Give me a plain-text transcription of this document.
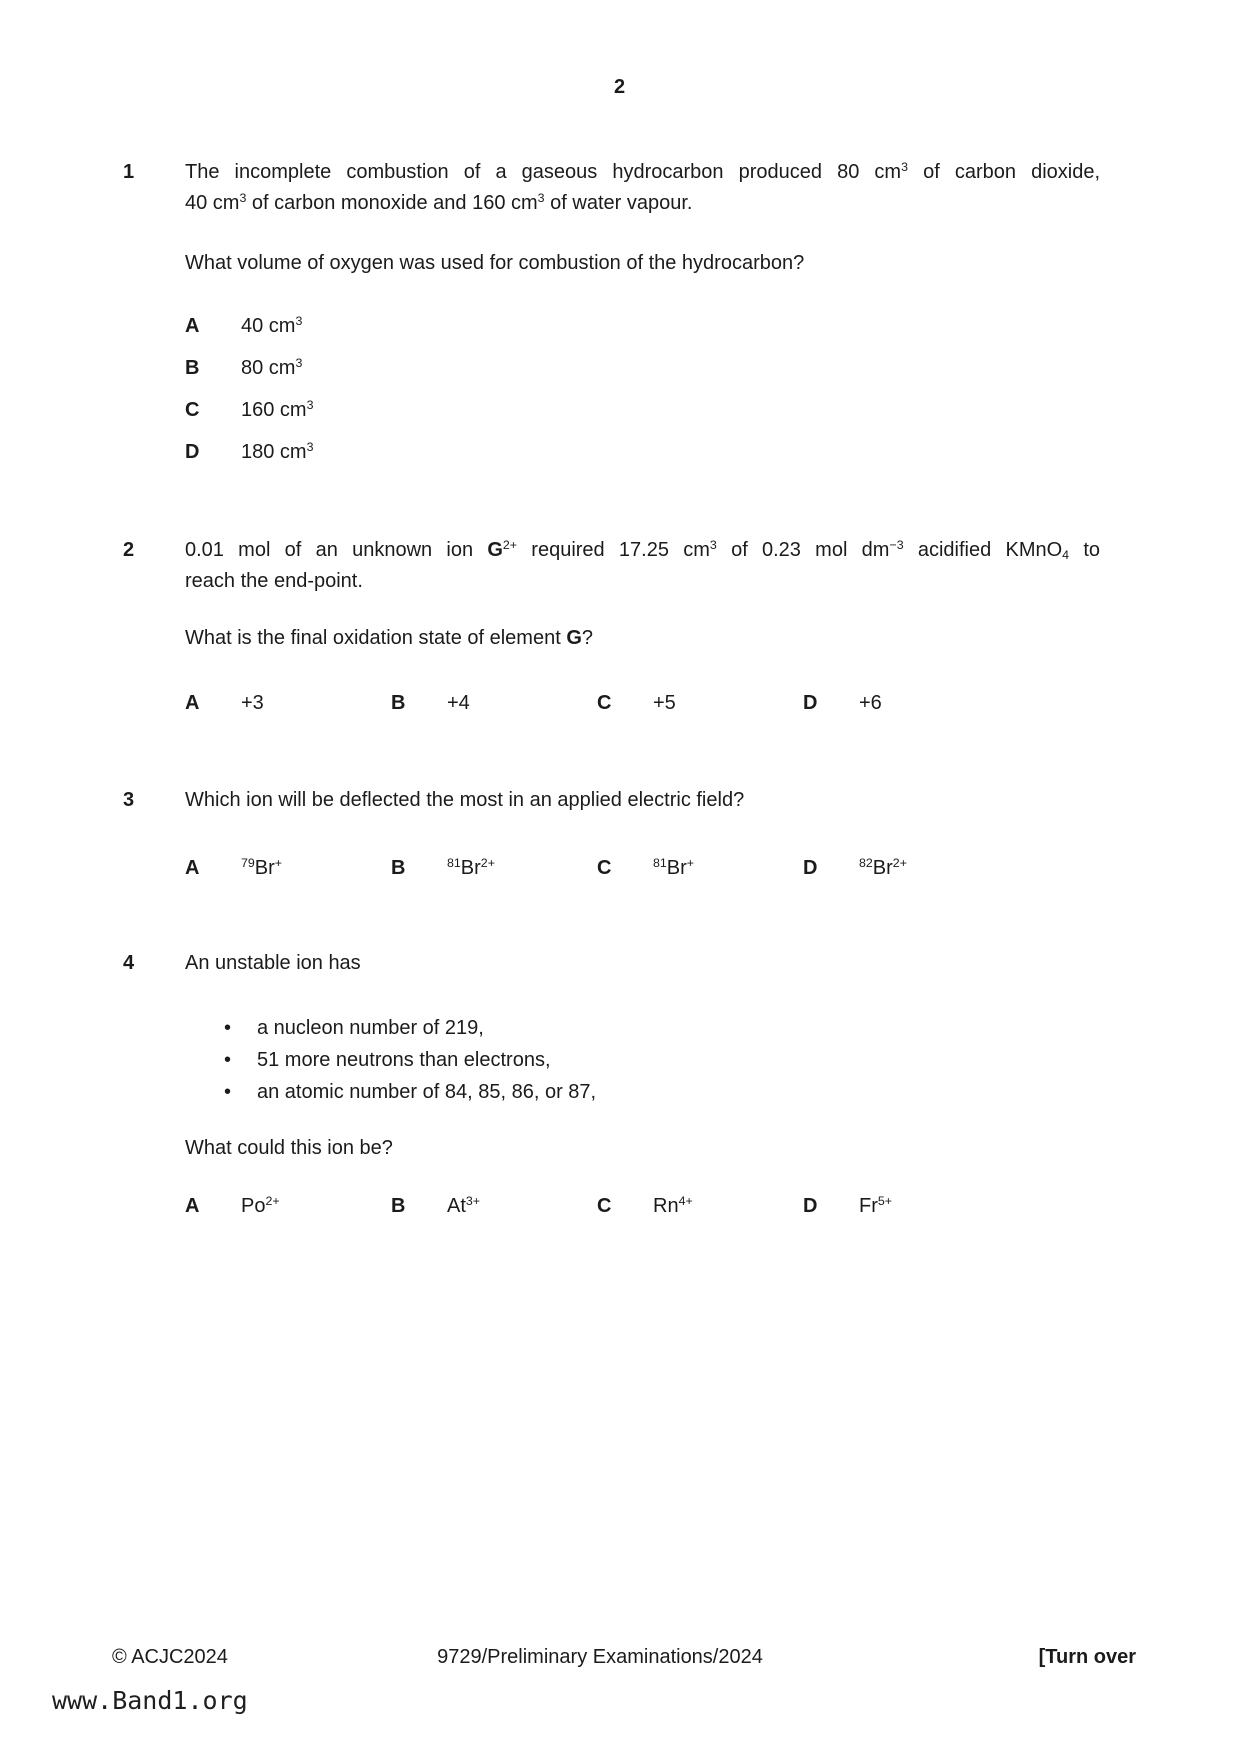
2
1	The incomplete combustion of a gaseous hydrocarbon produced 80 $cm^3$ of carbon dioxide,
40 $cm^3$ of carbon monoxide and 160 $cm^3$ of water vapour.

What volume of oxygen was used for combustion of the hydrocarbon?

A	40 $cm^3$
B	80 $cm^3$
C	160 $cm^3$
D	180 $cm^3$
2	0.01 mol of an unknown ion $G^{2+}$ required 17.25 $cm^3$ of 0.23 mol $dm^{-3}$ acidified KMnO$_4$ to
reach the end-point.

What is the final oxidation state of element G?

A	+3	B	+4	C	+5	D	+6
3	Which ion will be deflected the most in an applied electric field?

A	$^{79}$Br+	B	$^{81}Br^{2+}$	C	$^{81}$Br+	D	$^{82}Br^{2+}$
4	An unstable ion has

•	a nucleon number of 219,
•	51 more neutrons than electrons,
•	an atomic number of 84, 85, 86, or 87,

What could this ion be?

A	$Po^{2+}$	B	$At^{3+}$	C	$Rn^{4+}$	D	$Fr^{5+}$
© ACJC2024	9729/Preliminary Examinations/2024	[Turn over
www.Band1.org
